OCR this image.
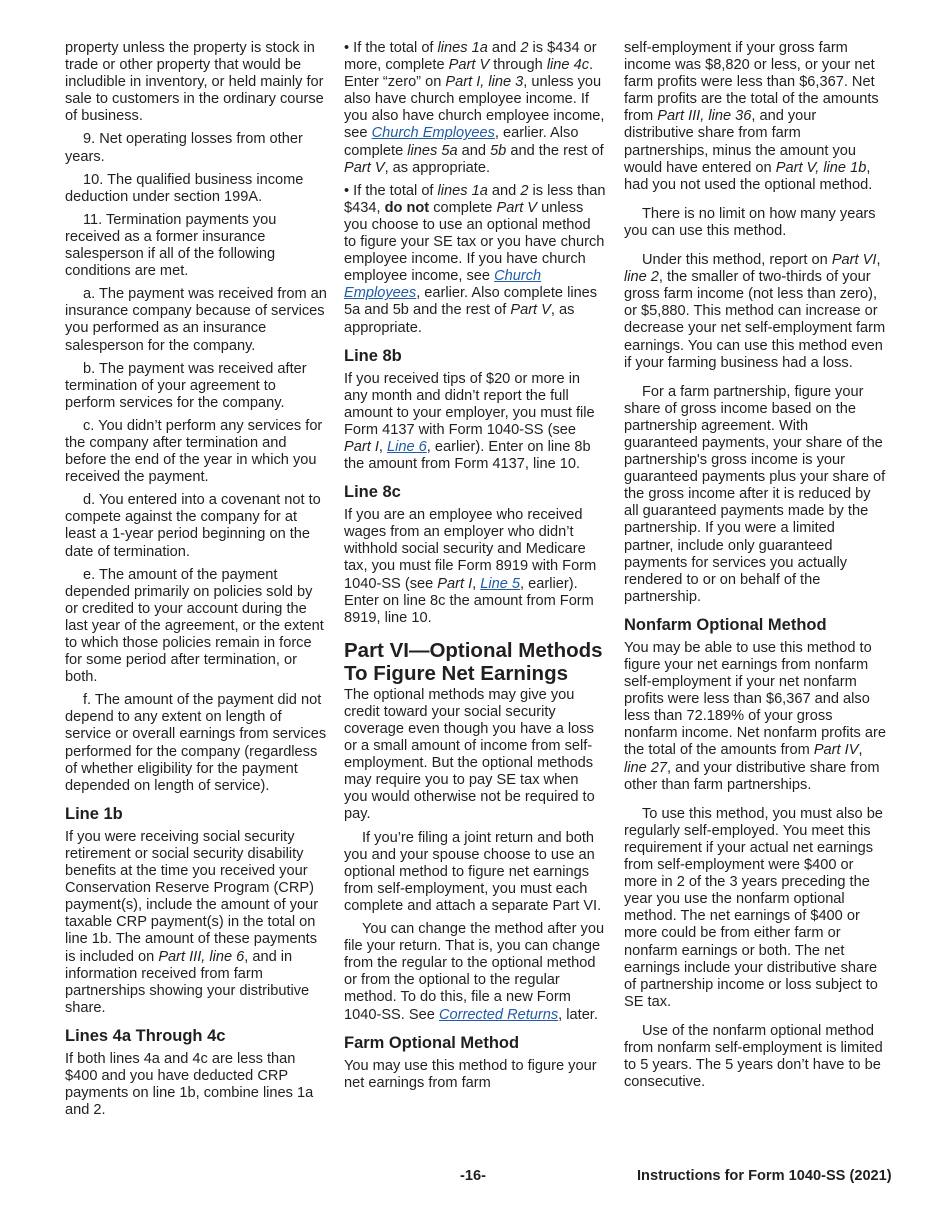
property unless the property is stock in trade or other property that would be includible in inventory, or held mainly for sale to customers in the ordinary course of business.

9. Net operating losses from other years.

10. The qualified business income deduction under section 199A.

11. Termination payments you received as a former insurance salesperson if all of the following conditions are met.

a. The payment was received from an insurance company because of services you performed as an insurance salesperson for the company.

b. The payment was received after termination of your agreement to perform services for the company.

c. You didn’t perform any services for the company after termination and before the end of the year in which you received the payment.

d. You entered into a covenant not to compete against the company for at least a 1-year period beginning on the date of termination.

e. The amount of the payment depended primarily on policies sold by or credited to your account during the last year of the agreement, or the extent to which those policies remain in force for some period after termination, or both.

f. The amount of the payment did not depend to any extent on length of service or overall earnings from services performed for the company (regardless of whether eligibility for the payment depended on length of service).

Line 1b

If you were receiving social security retirement or social security disability benefits at the time you received your Conservation Reserve Program (CRP) payment(s), include the amount of your taxable CRP payment(s) in the total on line 1b. The amount of these payments is included on Part III, line 6, and in information received from farm partnerships showing your distributive share.

Lines 4a Through 4c

If both lines 4a and 4c are less than $400 and you have deducted CRP payments on line 1b, combine lines 1a and 2.

• If the total of lines 1a and 2 is $434 or more, complete Part V through line 4c. Enter “zero” on Part I, line 3, unless you also have church employee income. If you also have church employee income, see Church Employees, earlier. Also complete lines 5a and 5b and the rest of Part V, as appropriate.

• If the total of lines 1a and 2 is less than $434, do not complete Part V unless you choose to use an optional method to figure your SE tax or you have church employee income. If you have church employee income, see Church Employees, earlier. Also complete lines 5a and 5b and the rest of Part V, as appropriate.

Line 8b

If you received tips of $20 or more in any month and didn’t report the full amount to your employer, you must file Form 4137 with Form 1040-SS (see Part I, Line 6, earlier). Enter on line 8b the amount from Form 4137, line 10.

Line 8c

If you are an employee who received wages from an employer who didn’t withhold social security and Medicare tax, you must file Form 8919 with Form 1040-SS (see Part I, Line 5, earlier). Enter on line 8c the amount from Form 8919, line 10.

Part VI—Optional Methods To Figure Net Earnings

The optional methods may give you credit toward your social security coverage even though you have a loss or a small amount of income from self-employment. But the optional methods may require you to pay SE tax when you would otherwise not be required to pay.

If you’re filing a joint return and both you and your spouse choose to use an optional method to figure net earnings from self-employment, you must each complete and attach a separate Part VI.

You can change the method after you file your return. That is, you can change from the regular to the optional method or from the optional to the regular method. To do this, file a new Form 1040-SS. See Corrected Returns, later.

Farm Optional Method

You may use this method to figure your net earnings from farm

self-employment if your gross farm income was $8,820 or less, or your net farm profits were less than $6,367. Net farm profits are the total of the amounts from Part III, line 36, and your distributive share from farm partnerships, minus the amount you would have entered on Part V, line 1b, had you not used the optional method.

There is no limit on how many years you can use this method.

Under this method, report on Part VI, line 2, the smaller of two-thirds of your gross farm income (not less than zero), or $5,880. This method can increase or decrease your net self-employment farm earnings. You can use this method even if your farming business had a loss.

For a farm partnership, figure your share of gross income based on the partnership agreement. With guaranteed payments, your share of the partnership's gross income is your guaranteed payments plus your share of the gross income after it is reduced by all guaranteed payments made by the partnership. If you were a limited partner, include only guaranteed payments for services you actually rendered to or on behalf of the partnership.

Nonfarm Optional Method

You may be able to use this method to figure your net earnings from nonfarm self-employment if your net nonfarm profits were less than $6,367 and also less than 72.189% of your gross nonfarm income. Net nonfarm profits are the total of the amounts from Part IV, line 27, and your distributive share from other than farm partnerships.

To use this method, you must also be regularly self-employed. You meet this requirement if your actual net earnings from self-employment were $400 or more in 2 of the 3 years preceding the year you use the nonfarm optional method. The net earnings of $400 or more could be from either farm or nonfarm earnings or both. The net earnings include your distributive share of partnership income or loss subject to SE tax.

Use of the nonfarm optional method from nonfarm self-employment is limited to 5 years. The 5 years don’t have to be consecutive.

-16-	Instructions for Form 1040-SS (2021)
